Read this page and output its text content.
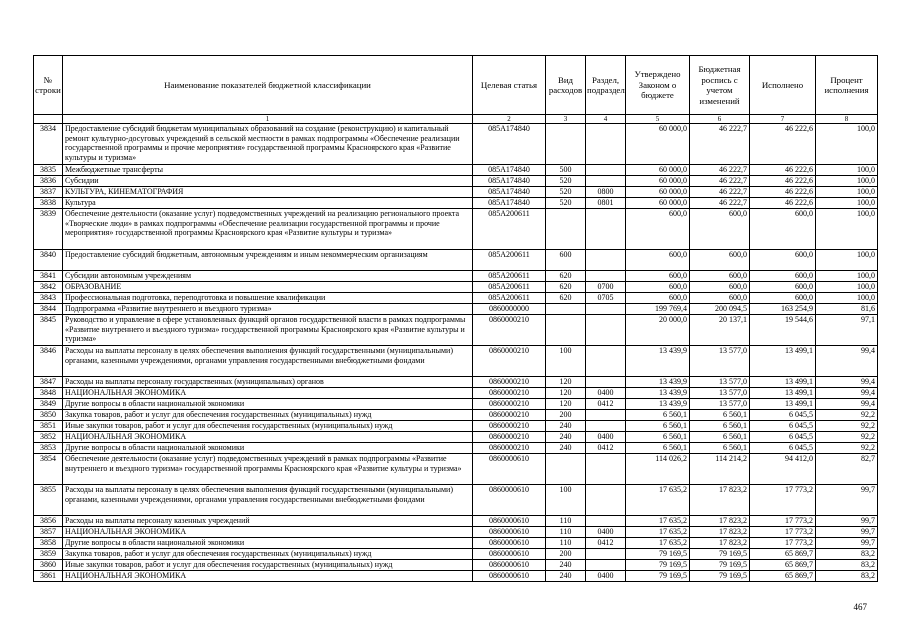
№ строки	Наименование показателей бюджетной классификации	Целевая статья	Вид расходов	Раздел, подраздел	Утверждено Законом о бюджете	Бюджетная роспись с учетом изменений	Исполнено	Процент исполнения
	1	2	3	4	5	6	7	8
3834	Предоставление субсидий бюджетам муниципальных образований на создание (реконструкцию) и капитальный ремонт культурно-досуговых учреждений в сельской местности в рамках подпрограммы «Обеспечение реализации государственной программы и прочие мероприятия» государственной программы Красноярского края «Развитие культуры и туризма»	085А174840			60 000,0	46 222,7	46 222,6	100,0
3835	Межбюджетные трансферты	085А174840	500		60 000,0	46 222,7	46 222,6	100,0
3836	Субсидии	085А174840	520		60 000,0	46 222,7	46 222,6	100,0
3837	КУЛЬТУРА, КИНЕМАТОГРАФИЯ	085А174840	520	0800	60 000,0	46 222,7	46 222,6	100,0
3838	Культура	085А174840	520	0801	60 000,0	46 222,7	46 222,6	100,0
3839	Обеспечение деятельности (оказание услуг) подведомственных учреждений на реализацию регионального проекта «Творческие люди» в рамках подпрограммы «Обеспечение реализации государственной программы и прочие мероприятия» государственной программы Красноярского края «Развитие культуры и туризма»	085А200611			600,0	600,0	600,0	100,0
3840	Предоставление субсидий бюджетным, автономным учреждениям и иным некоммерческим организациям	085А200611	600		600,0	600,0	600,0	100,0
3841	Субсидии автономным учреждениям	085А200611	620		600,0	600,0	600,0	100,0
3842	ОБРАЗОВАНИЕ	085А200611	620	0700	600,0	600,0	600,0	100,0
3843	Профессиональная подготовка, переподготовка и повышение квалификации	085А200611	620	0705	600,0	600,0	600,0	100,0
3844	Подпрограмма «Развитие внутреннего и въездного туризма»	0860000000			199 769,4	200 094,5	163 254,9	81,6
3845	Руководство и управление в сфере установленных функций органов государственной власти в рамках подпрограммы «Развитие внутреннего и въездного туризма» государственной программы Красноярского края «Развитие культуры и туризма»	0860000210			20 000,0	20 137,1	19 544,6	97,1
3846	Расходы на выплаты персоналу в целях обеспечения выполнения функций государственными (муниципальными) органами, казенными учреждениями, органами управления государственными внебюджетными фондами	0860000210	100		13 439,9	13 577,0	13 499,1	99,4
3847	Расходы на выплаты персоналу государственных (муниципальных) органов	0860000210	120		13 439,9	13 577,0	13 499,1	99,4
3848	НАЦИОНАЛЬНАЯ ЭКОНОМИКА	0860000210	120	0400	13 439,9	13 577,0	13 499,1	99,4
3849	Другие вопросы в области национальной экономики	0860000210	120	0412	13 439,9	13 577,0	13 499,1	99,4
3850	Закупка товаров, работ и услуг для обеспечения государственных (муниципальных) нужд	0860000210	200		6 560,1	6 560,1	6 045,5	92,2
3851	Иные закупки товаров, работ и услуг для обеспечения государственных (муниципальных) нужд	0860000210	240		6 560,1	6 560,1	6 045,5	92,2
3852	НАЦИОНАЛЬНАЯ ЭКОНОМИКА	0860000210	240	0400	6 560,1	6 560,1	6 045,5	92,2
3853	Другие вопросы в области национальной экономики	0860000210	240	0412	6 560,1	6 560,1	6 045,5	92,2
3854	Обеспечение деятельности (оказание услуг) подведомственных учреждений в рамках подпрограммы «Развитие внутреннего и въездного туризма» государственной программы Красноярского края «Развитие культуры и туризма»	0860000610			114 026,2	114 214,2	94 412,0	82,7
3855	Расходы на выплаты персоналу в целях обеспечения выполнения функций государственными (муниципальными) органами, казенными учреждениями, органами управления государственными внебюджетными фондами	0860000610	100		17 635,2	17 823,2	17 773,2	99,7
3856	Расходы на выплаты персоналу казенных учреждений	0860000610	110		17 635,2	17 823,2	17 773,2	99,7
3857	НАЦИОНАЛЬНАЯ ЭКОНОМИКА	0860000610	110	0400	17 635,2	17 823,2	17 773,2	99,7
3858	Другие вопросы в области национальной экономики	0860000610	110	0412	17 635,2	17 823,2	17 773,2	99,7
3859	Закупка товаров, работ и услуг для обеспечения государственных (муниципальных) нужд	0860000610	200		79 169,5	79 169,5	65 869,7	83,2
3860	Иные закупки товаров, работ и услуг для обеспечения государственных (муниципальных) нужд	0860000610	240		79 169,5	79 169,5	65 869,7	83,2
3861	НАЦИОНАЛЬНАЯ ЭКОНОМИКА	0860000610	240	0400	79 169,5	79 169,5	65 869,7	83,2
467
